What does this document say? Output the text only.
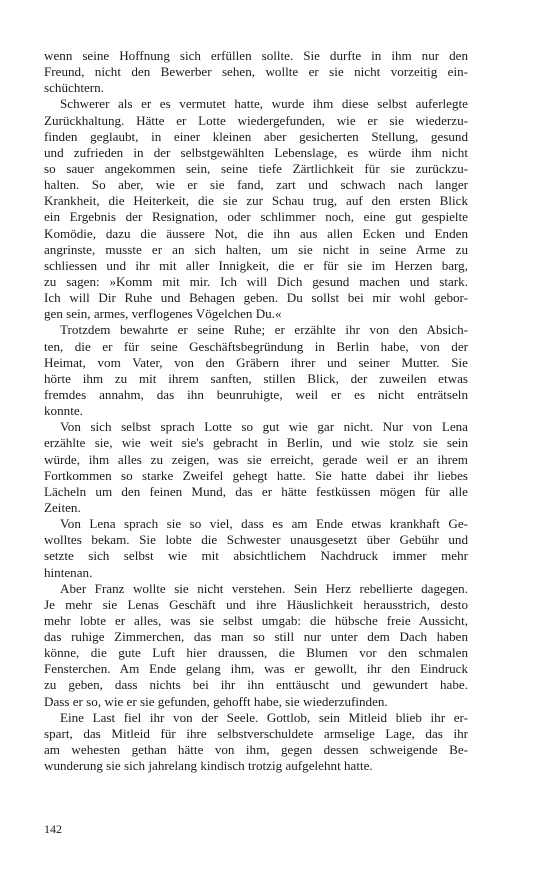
wenn seine Hoffnung sich erfüllen sollte. Sie durfte in ihm nur den
Freund, nicht den Bewerber sehen, wollte er sie nicht vorzeitig ein-
schüchtern.
Schwerer als er es vermutet hatte, wurde ihm diese selbst auferlegte
Zurückhaltung. Hätte er Lotte wiedergefunden, wie er sie wiederzu-
finden geglaubt, in einer kleinen aber gesicherten Stellung, gesund
und zufrieden in der selbstgewählten Lebenslage, es würde ihm nicht
so sauer angekommen sein, seine tiefe Zärtlichkeit für sie zurückzu-
halten. So aber, wie er sie fand, zart und schwach nach langer
Krankheit, die Heiterkeit, die sie zur Schau trug, auf den ersten Blick
ein Ergebnis der Resignation, oder schlimmer noch, eine gut gespielte
Komödie, dazu die äussere Not, die ihn aus allen Ecken und Enden
angrinste, musste er an sich halten, um sie nicht in seine Arme zu
schliessen und ihr mit aller Innigkeit, die er für sie im Herzen barg,
zu sagen: »Komm mit mir. Ich will Dich gesund machen und stark.
Ich will Dir Ruhe und Behagen geben. Du sollst bei mir wohl gebor-
gen sein, armes, verflogenes Vögelchen Du.«
Trotzdem bewahrte er seine Ruhe; er erzählte ihr von den Absich-
ten, die er für seine Geschäftsbegründung in Berlin habe, von der
Heimat, vom Vater, von den Gräbern ihrer und seiner Mutter. Sie
hörte ihm zu mit ihrem sanften, stillen Blick, der zuweilen etwas
fremdes annahm, das ihn beunruhigte, weil er es nicht enträtseln
konnte.
Von sich selbst sprach Lotte so gut wie gar nicht. Nur von Lena
erzählte sie, wie weit sie's gebracht in Berlin, und wie stolz sie sein
würde, ihm alles zu zeigen, was sie erreicht, gerade weil er an ihrem
Fortkommen so starke Zweifel gehegt hatte. Sie hatte dabei ihr liebes
Lächeln um den feinen Mund, das er hätte festküssen mögen für alle
Zeiten.
Von Lena sprach sie so viel, dass es am Ende etwas krankhaft Ge-
wolltes bekam. Sie lobte die Schwester unausgesetzt über Gebühr und
setzte sich selbst wie mit absichtlichem Nachdruck immer mehr
hintenan.
Aber Franz wollte sie nicht verstehen. Sein Herz rebellierte dagegen.
Je mehr sie Lenas Geschäft und ihre Häuslichkeit herausstrich, desto
mehr lobte er alles, was sie selbst umgab: die hübsche freie Aussicht,
das ruhige Zimmerchen, das man so still nur unter dem Dach haben
könne, die gute Luft hier draussen, die Blumen vor den schmalen
Fensterchen. Am Ende gelang ihm, was er gewollt, ihr den Eindruck
zu geben, dass nichts bei ihr ihn enttäuscht und gewundert habe.
Dass er so, wie er sie gefunden, gehofft habe, sie wiederzufinden.
Eine Last fiel ihr von der Seele. Gottlob, sein Mitleid blieb ihr er-
spart, das Mitleid für ihre selbstverschuldete armselige Lage, das ihr
am wehesten gethan hätte von ihm, gegen dessen schweigende Be-
wunderung sie sich jahrelang kindisch trotzig aufgelehnt hatte.
142
